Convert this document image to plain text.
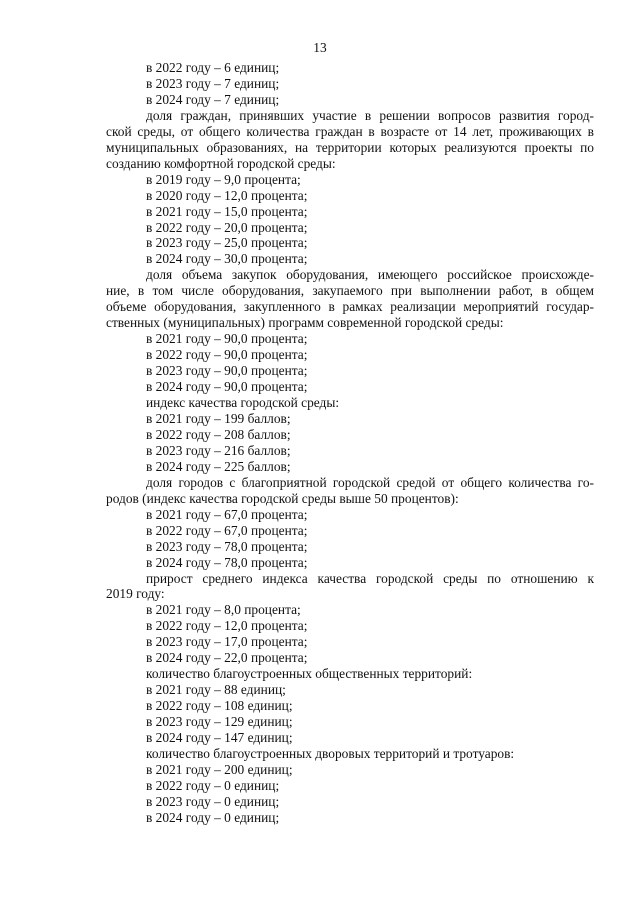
13
в 2022 году – 6 единиц;
в 2023 году – 7 единиц;
в 2024 году – 7 единиц;
доля граждан, принявших участие в решении вопросов развития город-
ской среды, от общего количества граждан в возрасте от 14 лет, проживающих в
муниципальных образованиях, на территории которых реализуются проекты по
созданию комфортной городской среды:
в 2019 году – 9,0 процента;
в 2020 году – 12,0 процента;
в 2021 году – 15,0 процента;
в 2022 году – 20,0 процента;
в 2023 году – 25,0 процента;
в 2024 году – 30,0 процента;
доля объема закупок оборудования, имеющего российское происхожде-
ние, в том числе оборудования, закупаемого при выполнении работ, в общем
объеме оборудования, закупленного в рамках реализации мероприятий государ-
ственных (муниципальных) программ современной городской среды:
в 2021 году – 90,0 процента;
в 2022 году – 90,0 процента;
в 2023 году – 90,0 процента;
в 2024 году – 90,0 процента;
индекс качества городской среды:
в 2021 году – 199 баллов;
в 2022 году – 208 баллов;
в 2023 году – 216 баллов;
в 2024 году – 225 баллов;
доля городов с благоприятной городской средой от общего количества го-
родов (индекс качества городской среды выше 50 процентов):
в 2021 году – 67,0 процента;
в 2022 году – 67,0 процента;
в 2023 году – 78,0 процента;
в 2024 году – 78,0 процента;
прирост среднего индекса качества городской среды по отношению к
2019 году:
в 2021 году – 8,0 процента;
в 2022 году – 12,0 процента;
в 2023 году – 17,0 процента;
в 2024 году – 22,0 процента;
количество благоустроенных общественных территорий:
в 2021 году – 88 единиц;
в 2022 году – 108 единиц;
в 2023 году – 129 единиц;
в 2024 году – 147 единиц;
количество благоустроенных дворовых территорий и тротуаров:
в 2021 году – 200 единиц;
в 2022 году – 0 единиц;
в 2023 году – 0 единиц;
в 2024 году – 0 единиц;
